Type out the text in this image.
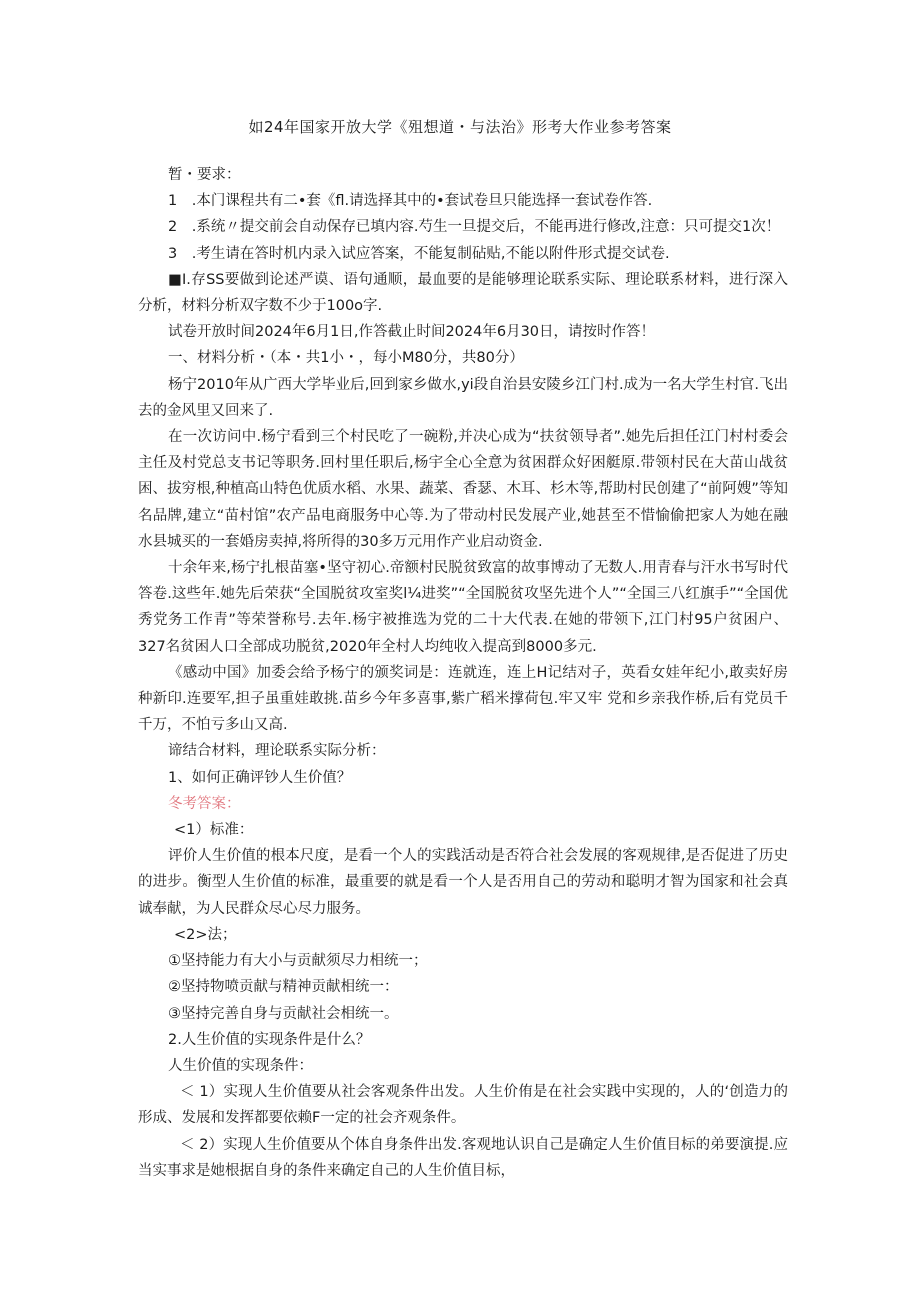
如24年国家开放大学《殂想道・与法治》形考大作业参考答案

暂・要求：

1　.本门课程共有二•套《fl.请选择其中的•套试卷旦只能选择一套试卷作答.

2　.系统〃提交前会自动保存已填内容.芍生一旦提交后，不能再进行修改,注意：只可提交1次！

3　.考生请在答时机内录入试应答案，不能复制砧贴,不能以附件形式提交试卷.

■I.存SS要做到论述严谟、语句通顺，最血要的是能够理论联系实际、理论联系材料，进行深入分析，材料分析双字数不少于100o字.

试卷开放时间2024年6月1日,作答截止时间2024年6月30日，请按时作答！

一、材料分析・（本・共1小・，每小M80分，共80分）

杨宁2010年从广西大学毕业后,回到家乡做水,yi段自治县安陵乡江门村.成为一名大学生村官.飞出去的金风里又回来了.

在一次访问中.杨宁看到三个村民吃了一碗粉,并决心成为“扶贫领导者”.她先后担任江门村村委会主任及村党总支书记等职务.回村里任职后,杨宇全心全意为贫困群众好困艇原.带领村民在大苗山战贫困、拔穷根,种植高山特色优质水稻、水果、蔬菜、香瑟、木耳、杉木等,帮助村民创建了“前阿嫂”等知名品牌,建立“苗村馆”农产品电商服务中心等.为了带动村民发展产业,她甚至不惜愉偷把家人为她在融水县城买的一套婚房卖掉,将所得的30多万元用作产业启动资金.

十余年来,杨宁扎根苗塞•坚守初心.帝额村民脱贫致富的故事博动了无数人.用青春与汗水书写时代答卷.这些年.她先后荣获“全国脱贫攻室奖l¼进奖”“全国脱贫攻坚先进个人”“全国三八红旗手”“全国优秀党务工作青”等荣誉称号.去年.杨宇被推选为党的二十大代表.在她的带领下,江门村95户贫困户、327名贫困人口全部成功脱贫,2020年全村人均纯收入提高到8000多元.

《感动中国》加委会给予杨宁的颁奖词是：连就连，连上H记结对子，英看女娃年纪小,敢卖好房种新印.连要军,担子虽重娃敢挑.苗乡今年多喜事,紫广稻米撑荷包.牢又牢 党和乡亲我作桥,后有党员千千万，不怕亏多山又高.

谛结合材料，理论联系实际分析：

1、如何正确评钞人生价值？

冬考答案：

<1）标准：

评价人生价值的根本尺度，是看一个人的实践活动是否符合社会发展的客观规律,是否促进了历史的进步。衡型人生价值的标准，最重要的就是看一个人是否用自己的劳动和聪明才智为国家和社会真诚奉献，为人民群众尽心尽力服务。

<2>法；

①坚持能力有大小与贡献须尽力相统一；

②坚持物喷贡献与精神贡献相统一：

③坚持完善自身与贡献社会相统一。

2.人生价值的实现条件是什么？

人生价值的实现条件：

＜ 1）实现人生价值要从社会客观条件出发。人生价侑是在社会实践中实现的，人的‘创造力的形成、发展和发挥都要依赖F一定的社会齐观条件。

＜ 2）实现人生价值要从个体自身条件出发.客观地认识自己是确定人生价值目标的弟要演提.应当实事求是她根据自身的条件来确定自己的人生价值目标，
